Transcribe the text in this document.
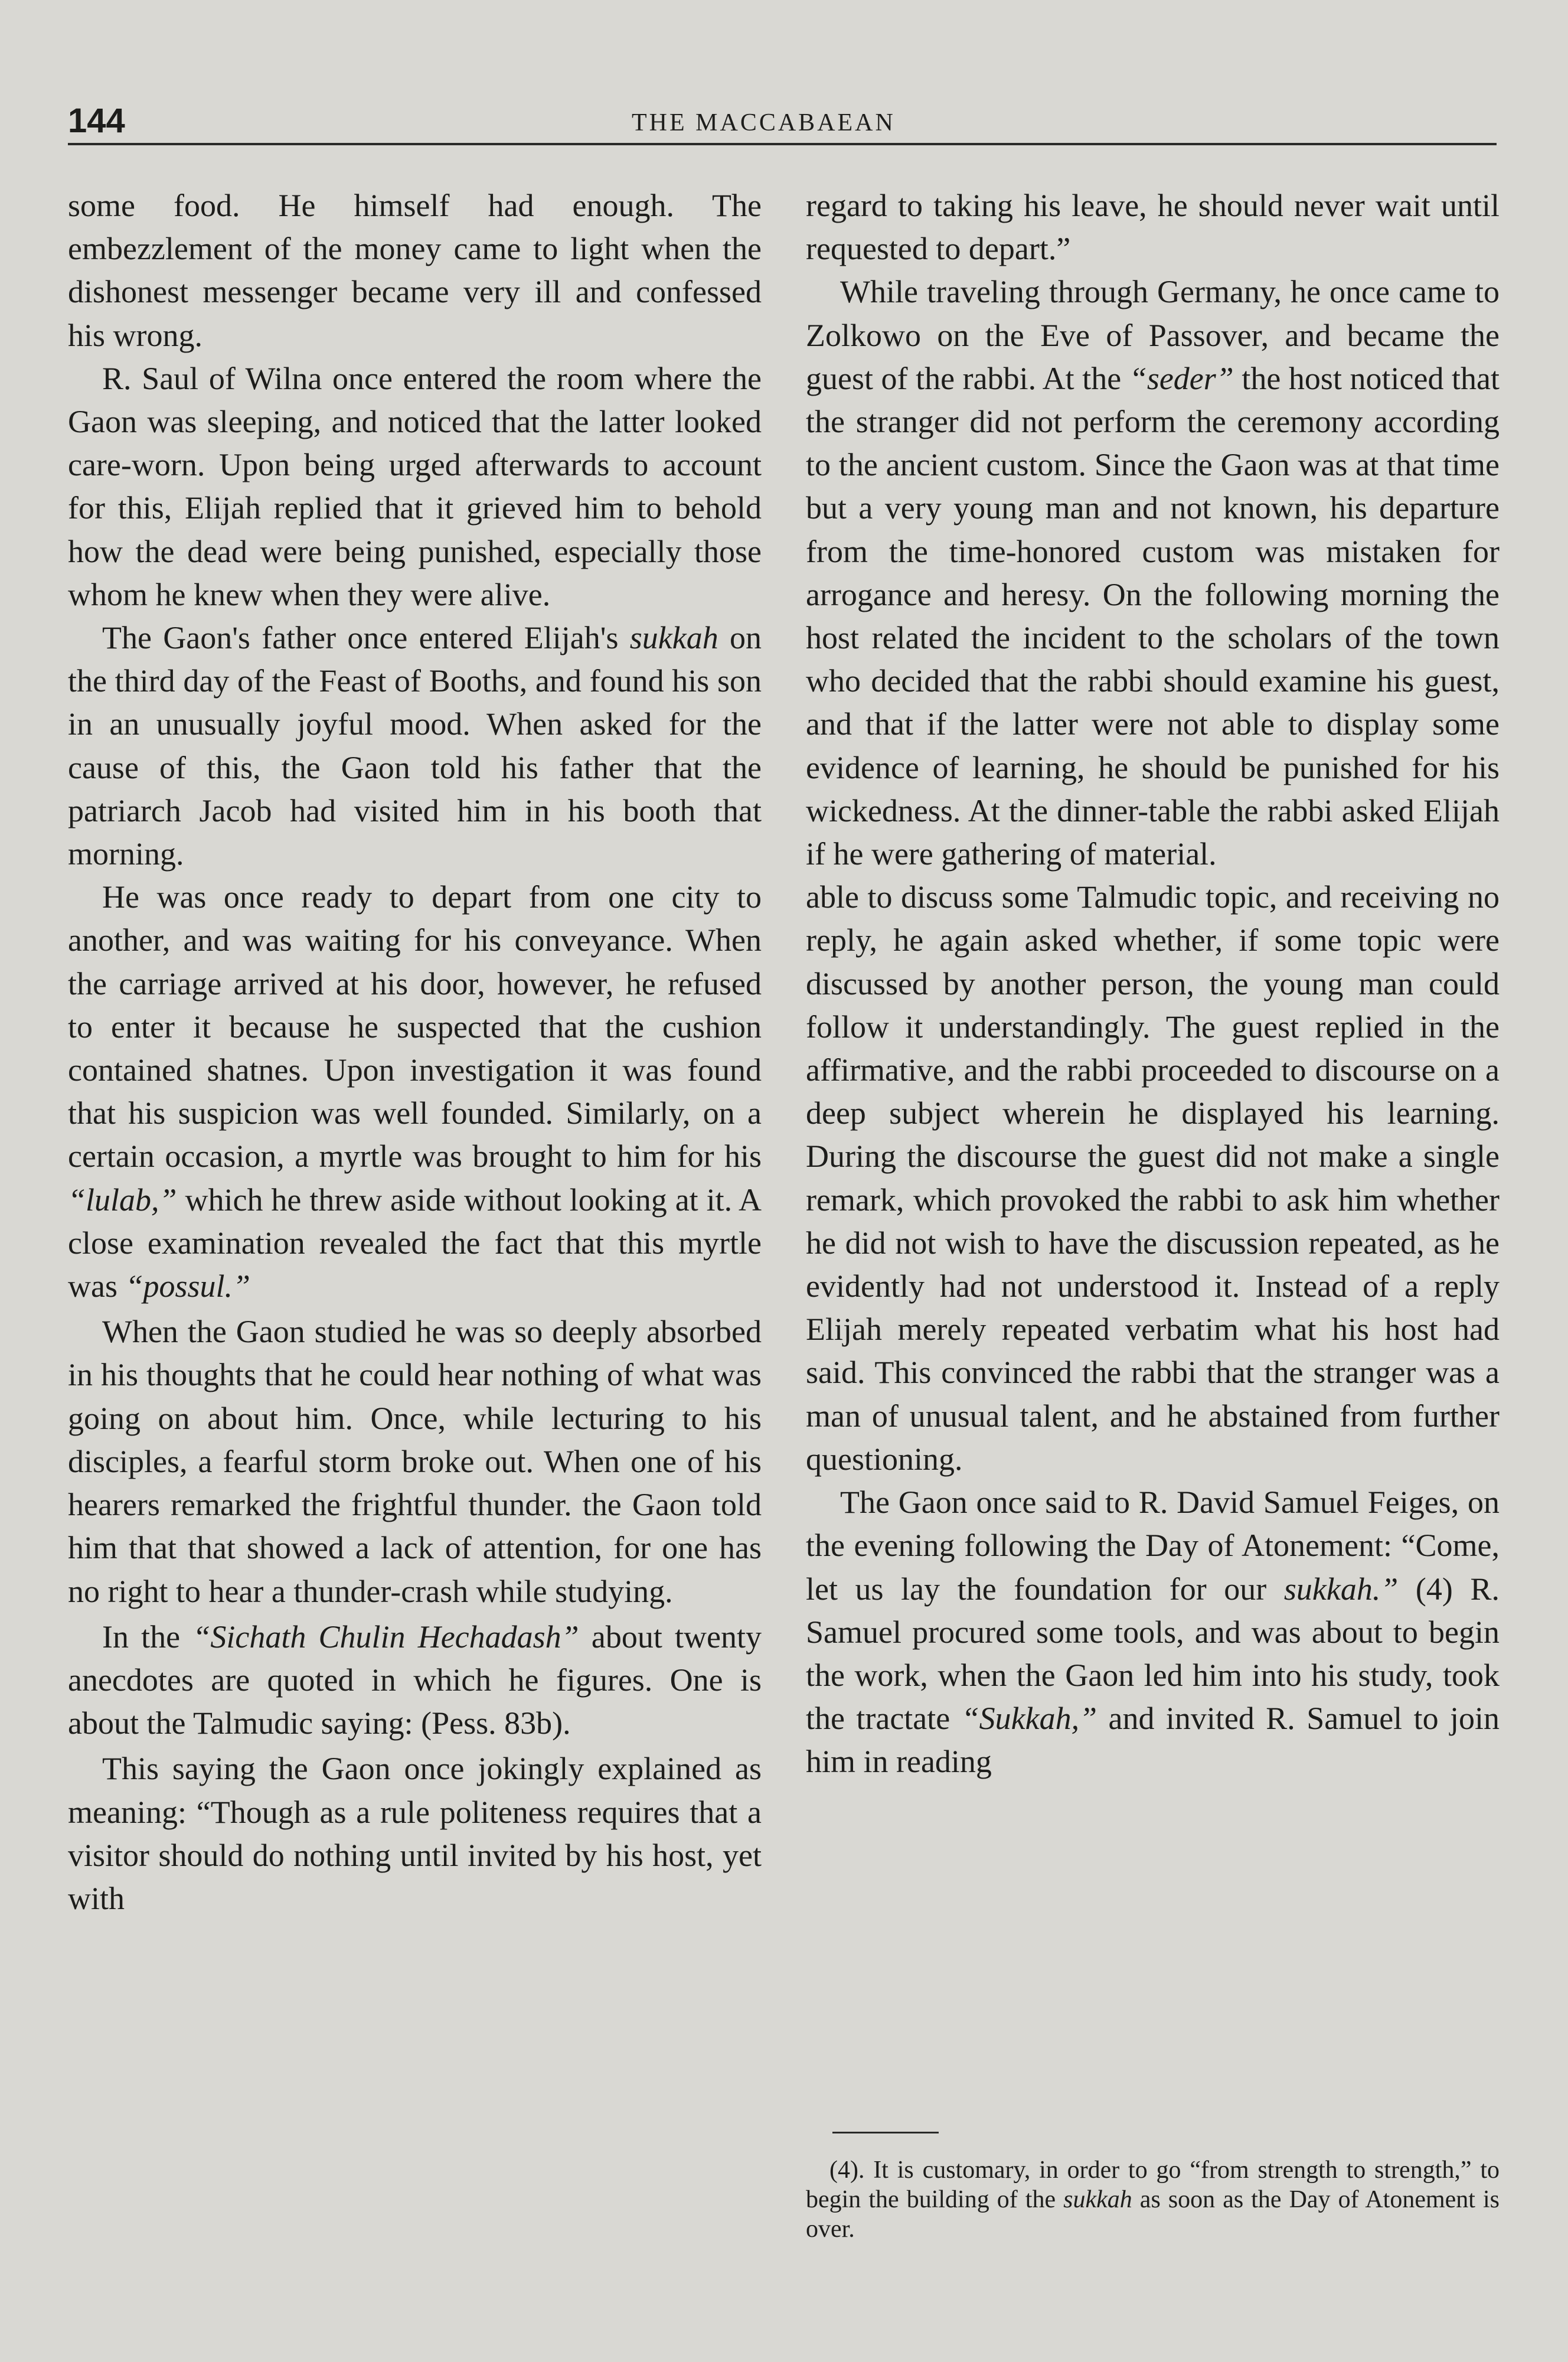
144	THE MACCABAEAN

some food. He himself had enough. The embezzlement of the money came to light when the dishonest messenger became very ill and confessed his wrong.

R. Saul of Wilna once entered the room where the Gaon was sleeping, and noticed that the latter looked care-worn. Upon being urged afterwards to account for this, Elijah replied that it grieved him to behold how the dead were being punished, especially those whom he knew when they were alive.

The Gaon's father once entered Elijah's sukkah on the third day of the Feast of Booths, and found his son in an unusually joyful mood. When asked for the cause of this, the Gaon told his father that the patriarch Jacob had visited him in his booth that morning.

He was once ready to depart from one city to another, and was waiting for his conveyance. When the carriage arrived at his door, however, he refused to enter it because he suspected that the cushion contained shatnes. Upon investigation it was found that his suspicion was well founded. Similarly, on a certain occasion, a myrtle was brought to him for his “lulab,” which he threw aside without looking at it. A close examination revealed the fact that this myrtle was “possul.”

When the Gaon studied he was so deeply absorbed in his thoughts that he could hear nothing of what was going on about him. Once, while lecturing to his disciples, a fearful storm broke out. When one of his hearers remarked the frightful thunder. the Gaon told him that that showed a lack of attention, for one has no right to hear a thunder-crash while studying.

In the “Sichath Chulin Hechadash” about twenty anecdotes are quoted in which he figures. One is about the Talmudic saying: (Pess. 83b).

This saying the Gaon once jokingly explained as meaning: “Though as a rule politeness requires that a visitor should do nothing until invited by his host, yet with

regard to taking his leave, he should never wait until requested to depart.”

While traveling through Germany, he once came to Zolkowo on the Eve of Passover, and became the guest of the rabbi. At the “seder” the host noticed that the stranger did not perform the ceremony according to the ancient custom. Since the Gaon was at that time but a very young man and not known, his departure from the time-honored custom was mistaken for arrogance and heresy. On the following morning the host related the incident to the scholars of the town who decided that the rabbi should examine his guest, and that if the latter were not able to display some evidence of learning, he should be punished for his wickedness. At the dinner-table the rabbi asked Elijah if he were gathering of material.

able to discuss some Talmudic topic, and receiving no reply, he again asked whether, if some topic were discussed by another person, the young man could follow it understandingly. The guest replied in the affirmative, and the rabbi proceeded to discourse on a deep subject wherein he displayed his learning. During the discourse the guest did not make a single remark, which provoked the rabbi to ask him whether he did not wish to have the discussion repeated, as he evidently had not understood it. Instead of a reply Elijah merely repeated verbatim what his host had said. This convinced the rabbi that the stranger was a man of unusual talent, and he abstained from further questioning.

The Gaon once said to R. David Samuel Feiges, on the evening following the Day of Atonement: “Come, let us lay the foundation for our sukkah.” (4) R. Samuel procured some tools, and was about to begin the work, when the Gaon led him into his study, took the tractate “Sukkah,” and invited R. Samuel to join him in reading

(4). It is customary, in order to go “from strength to strength,” to begin the building of the sukkah as soon as the Day of Atonement is over.
